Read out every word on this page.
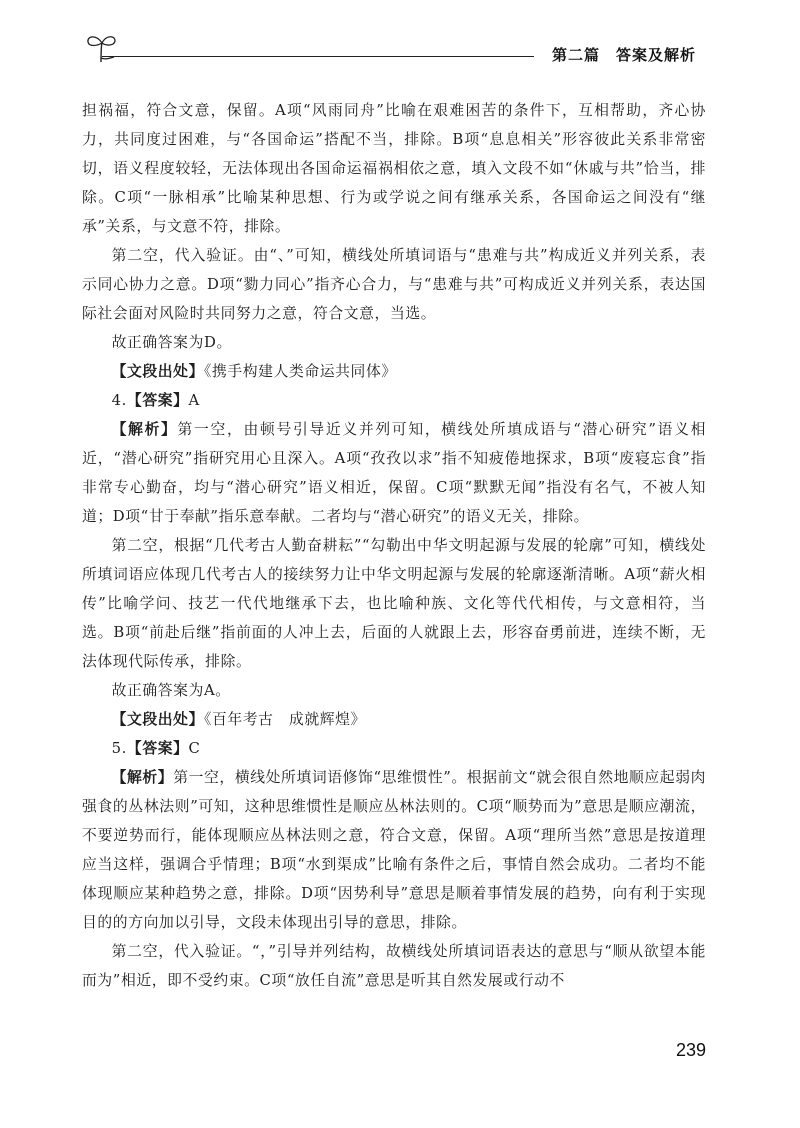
第二篇　答案及解析

担祸福，符合文意，保留。A项“风雨同舟”比喻在艰难困苦的条件下，互相帮助，齐心协力，共同度过困难，与“各国命运”搭配不当，排除。B项“息息相关”形容彼此关系非常密切，语义程度较轻，无法体现出各国命运福祸相依之意，填入文段不如“休戚与共”恰当，排除。C项“一脉相承”比喻某种思想、行为或学说之间有继承关系，各国命运之间没有“继承”关系，与文意不符，排除。

第二空，代入验证。由“、”可知，横线处所填词语与“患难与共”构成近义并列关系，表示同心协力之意。D项“勠力同心”指齐心合力，与“患难与共”可构成近义并列关系，表达国际社会面对风险时共同努力之意，符合文意，当选。

故正确答案为D。

【文段出处】《携手构建人类命运共同体》

4.【答案】A

【解析】第一空，由顿号引导近义并列可知，横线处所填成语与“潜心研究”语义相近，“潜心研究”指研究用心且深入。A项“孜孜以求”指不知疲倦地探求，B项“废寝忘食”指非常专心勤奋，均与“潜心研究”语义相近，保留。C项“默默无闻”指没有名气，不被人知道；D项“甘于奉献”指乐意奉献。二者均与“潜心研究”的语义无关，排除。

第二空，根据“几代考古人勤奋耕耘”“勾勒出中华文明起源与发展的轮廓”可知，横线处所填词语应体现几代考古人的接续努力让中华文明起源与发展的轮廓逐渐清晰。A项“薪火相传”比喻学问、技艺一代代地继承下去，也比喻种族、文化等代代相传，与文意相符，当选。B项“前赴后继”指前面的人冲上去，后面的人就跟上去，形容奋勇前进，连续不断，无法体现代际传承，排除。

故正确答案为A。

【文段出处】《百年考古　成就辉煌》

5.【答案】C

【解析】第一空，横线处所填词语修饰“思维惯性”。根据前文“就会很自然地顺应起弱肉强食的丛林法则”可知，这种思维惯性是顺应丛林法则的。C项“顺势而为”意思是顺应潮流，不要逆势而行，能体现顺应丛林法则之意，符合文意，保留。A项“理所当然”意思是按道理应当这样，强调合乎情理；B项“水到渠成”比喻有条件之后，事情自然会成功。二者均不能体现顺应某种趋势之意，排除。D项“因势利导”意思是顺着事情发展的趋势，向有利于实现目的的方向加以引导，文段未体现出引导的意思，排除。

第二空，代入验证。“，”引导并列结构，故横线处所填词语表达的意思与“顺从欲望本能而为”相近，即不受约束。C项“放任自流”意思是听其自然发展或行动不

239
